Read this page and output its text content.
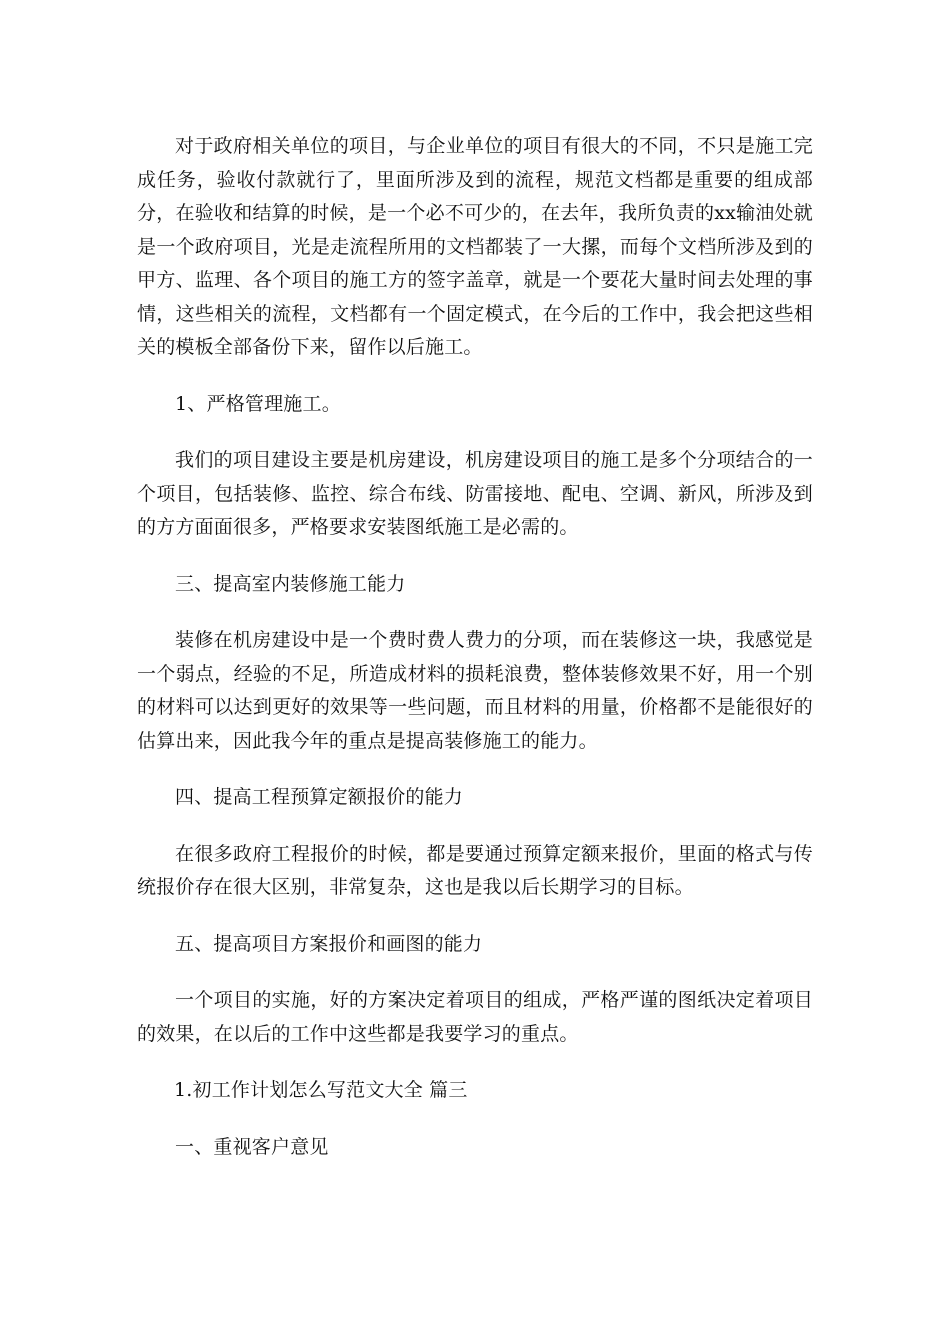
对于政府相关单位的项目，与企业单位的项目有很大的不同，不只是施工完成任务，验收付款就行了，里面所涉及到的流程，规范文档都是重要的组成部分，在验收和结算的时候，是一个必不可少的，在去年，我所负责的xx输油处就是一个政府项目，光是走流程所用的文档都装了一大摞，而每个文档所涉及到的甲方、监理、各个项目的施工方的签字盖章，就是一个要花大量时间去处理的事情，这些相关的流程，文档都有一个固定模式，在今后的工作中，我会把这些相关的模板全部备份下来，留作以后施工。

1、严格管理施工。

我们的项目建设主要是机房建设，机房建设项目的施工是多个分项结合的一个项目，包括装修、监控、综合布线、防雷接地、配电、空调、新风，所涉及到的方方面面很多，严格要求安装图纸施工是必需的。

三、提高室内装修施工能力

装修在机房建设中是一个费时费人费力的分项，而在装修这一块，我感觉是一个弱点，经验的不足，所造成材料的损耗浪费，整体装修效果不好，用一个别的材料可以达到更好的效果等一些问题，而且材料的用量，价格都不是能很好的估算出来，因此我今年的重点是提高装修施工的能力。

四、提高工程预算定额报价的能力

在很多政府工程报价的时候，都是要通过预算定额来报价，里面的格式与传统报价存在很大区别，非常复杂，这也是我以后长期学习的目标。

五、提高项目方案报价和画图的能力

一个项目的实施，好的方案决定着项目的组成，严格严谨的图纸决定着项目的效果，在以后的工作中这些都是我要学习的重点。

1.初工作计划怎么写范文大全 篇三

一、重视客户意见
